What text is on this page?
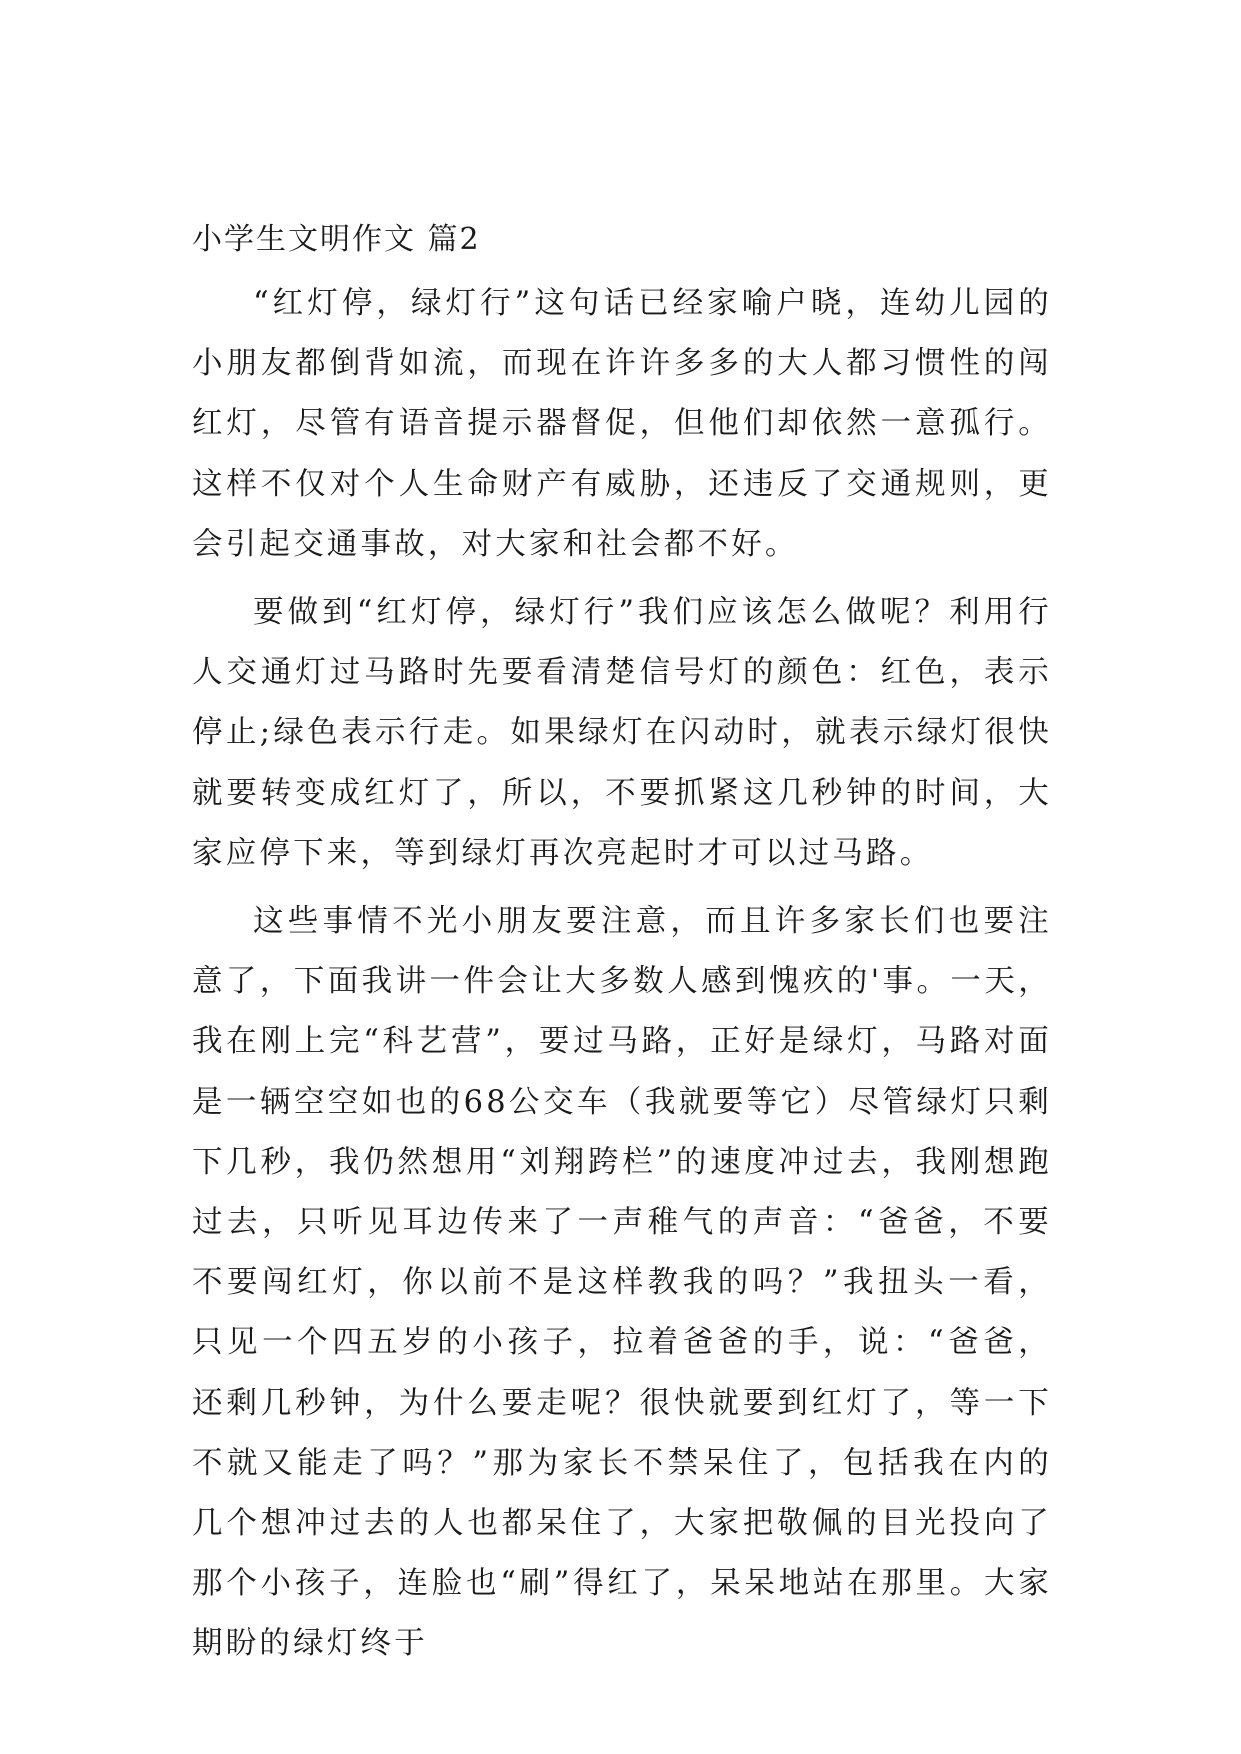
小学生文明作文 篇2

“红灯停，绿灯行”这句话已经家喻户晓，连幼儿园的小朋友都倒背如流，而现在许许多多的大人都习惯性的闯红灯，尽管有语音提示器督促，但他们却依然一意孤行。这样不仅对个人生命财产有威胁，还违反了交通规则，更会引起交通事故，对大家和社会都不好。

要做到“红灯停，绿灯行”我们应该怎么做呢？利用行人交通灯过马路时先要看清楚信号灯的颜色：红色，表示停止;绿色表示行走。如果绿灯在闪动时，就表示绿灯很快就要转变成红灯了，所以，不要抓紧这几秒钟的时间，大家应停下来，等到绿灯再次亮起时才可以过马路。

这些事情不光小朋友要注意，而且许多家长们也要注意了，下面我讲一件会让大多数人感到愧疚的'事。一天，我在刚上完“科艺营”，要过马路，正好是绿灯，马路对面是一辆空空如也的68公交车（我就要等它）尽管绿灯只剩下几秒，我仍然想用“刘翔跨栏”的速度冲过去，我刚想跑过去，只听见耳边传来了一声稚气的声音：“爸爸，不要不要闯红灯，你以前不是这样教我的吗？”我扭头一看，只见一个四五岁的小孩子，拉着爸爸的手，说：“爸爸，还剩几秒钟，为什么要走呢？很快就要到红灯了，等一下不就又能走了吗？”那为家长不禁呆住了，包括我在内的几个想冲过去的人也都呆住了，大家把敬佩的目光投向了那个小孩子，连脸也“刷”得红了，呆呆地站在那里。大家期盼的绿灯终于
